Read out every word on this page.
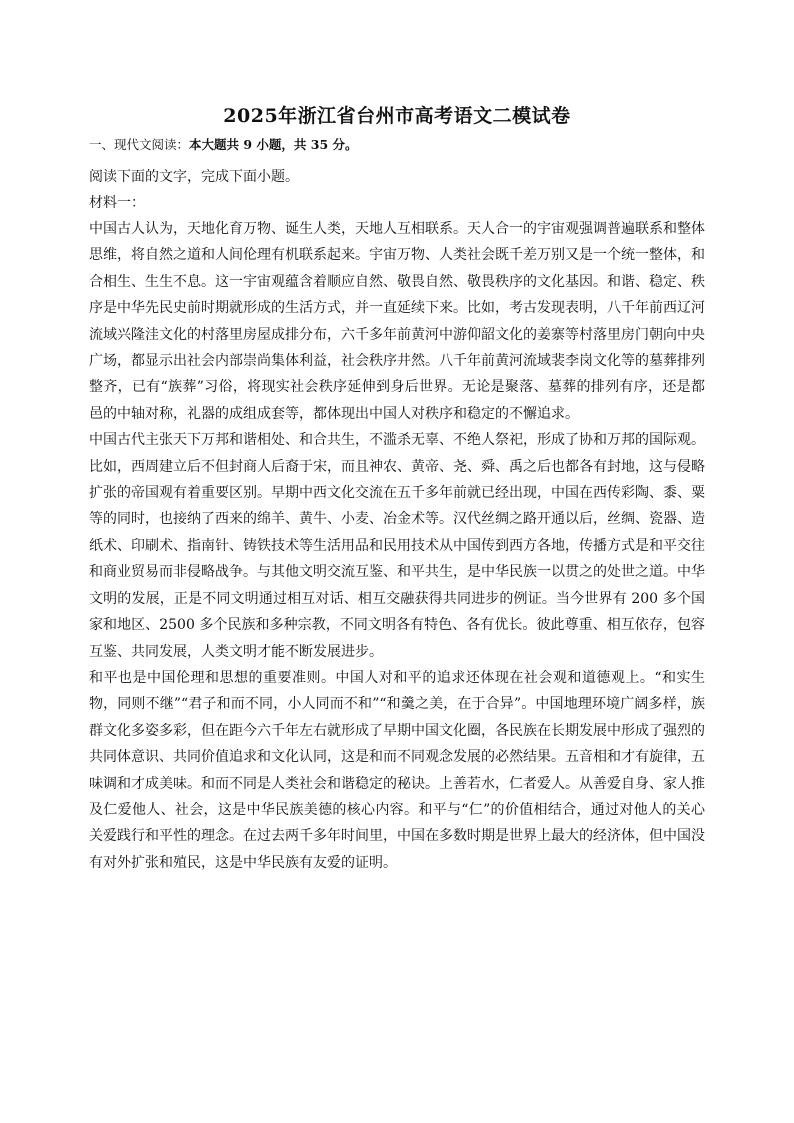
2025年浙江省台州市高考语文二模试卷

一、现代文阅读：本大题共 9 小题，共 35 分。

阅读下面的文字，完成下面小题。

材料一：

中国古人认为，天地化育万物、诞生人类，天地人互相联系。天人合一的宇宙观强调普遍联系和整体思维，将自然之道和人间伦理有机联系起来。宇宙万物、人类社会既千差万别又是一个统一整体，和合相生、生生不息。这一宇宙观蕴含着顺应自然、敬畏自然、敬畏秩序的文化基因。和谐、稳定、秩序是中华先民史前时期就形成的生活方式，并一直延续下来。比如，考古发现表明，八千年前西辽河流域兴隆洼文化的村落里房屋成排分布，六千多年前黄河中游仰韶文化的姜寨等村落里房门朝向中央广场，都显示出社会内部崇尚集体利益，社会秩序井然。八千年前黄河流域裴李岗文化等的墓葬排列整齐，已有“族葬”习俗，将现实社会秩序延伸到身后世界。无论是聚落、墓葬的排列有序，还是都邑的中轴对称，礼器的成组成套等，都体现出中国人对秩序和稳定的不懈追求。

中国古代主张天下万邦和谐相处、和合共生，不滥杀无辜、不绝人祭祀，形成了协和万邦的国际观。比如，西周建立后不但封商人后裔于宋，而且神农、黄帝、尧、舜、禹之后也都各有封地，这与侵略扩张的帝国观有着重要区别。早期中西文化交流在五千多年前就已经出现，中国在西传彩陶、黍、粟等的同时，也接纳了西来的绵羊、黄牛、小麦、冶金术等。汉代丝绸之路开通以后，丝绸、瓷器、造纸术、印刷术、指南针、铸铁技术等生活用品和民用技术从中国传到西方各地，传播方式是和平交往和商业贸易而非侵略战争。与其他文明交流互鉴、和平共生，是中华民族一以贯之的处世之道。中华文明的发展，正是不同文明通过相互对话、相互交融获得共同进步的例证。当今世界有 200 多个国家和地区、2500 多个民族和多种宗教，不同文明各有特色、各有优长。彼此尊重、相互依存，包容互鉴、共同发展，人类文明才能不断发展进步。

和平也是中国伦理和思想的重要准则。中国人对和平的追求还体现在社会观和道德观上。“和实生物，同则不继”“君子和而不同，小人同而不和”“和羹之美，在于合异”。中国地理环境广阔多样，族群文化多姿多彩，但在距今六千年左右就形成了早期中国文化圈，各民族在长期发展中形成了强烈的共同体意识、共同价值追求和文化认同，这是和而不同观念发展的必然结果。五音相和才有旋律，五味调和才成美味。和而不同是人类社会和谐稳定的秘诀。上善若水，仁者爱人。从善爱自身、家人推及仁爱他人、社会，这是中华民族美德的核心内容。和平与“仁”的价值相结合，通过对他人的关心关爱践行和平性的理念。在过去两千多年时间里，中国在多数时期是世界上最大的经济体，但中国没有对外扩张和殖民，这是中华民族有友爱的证明。
